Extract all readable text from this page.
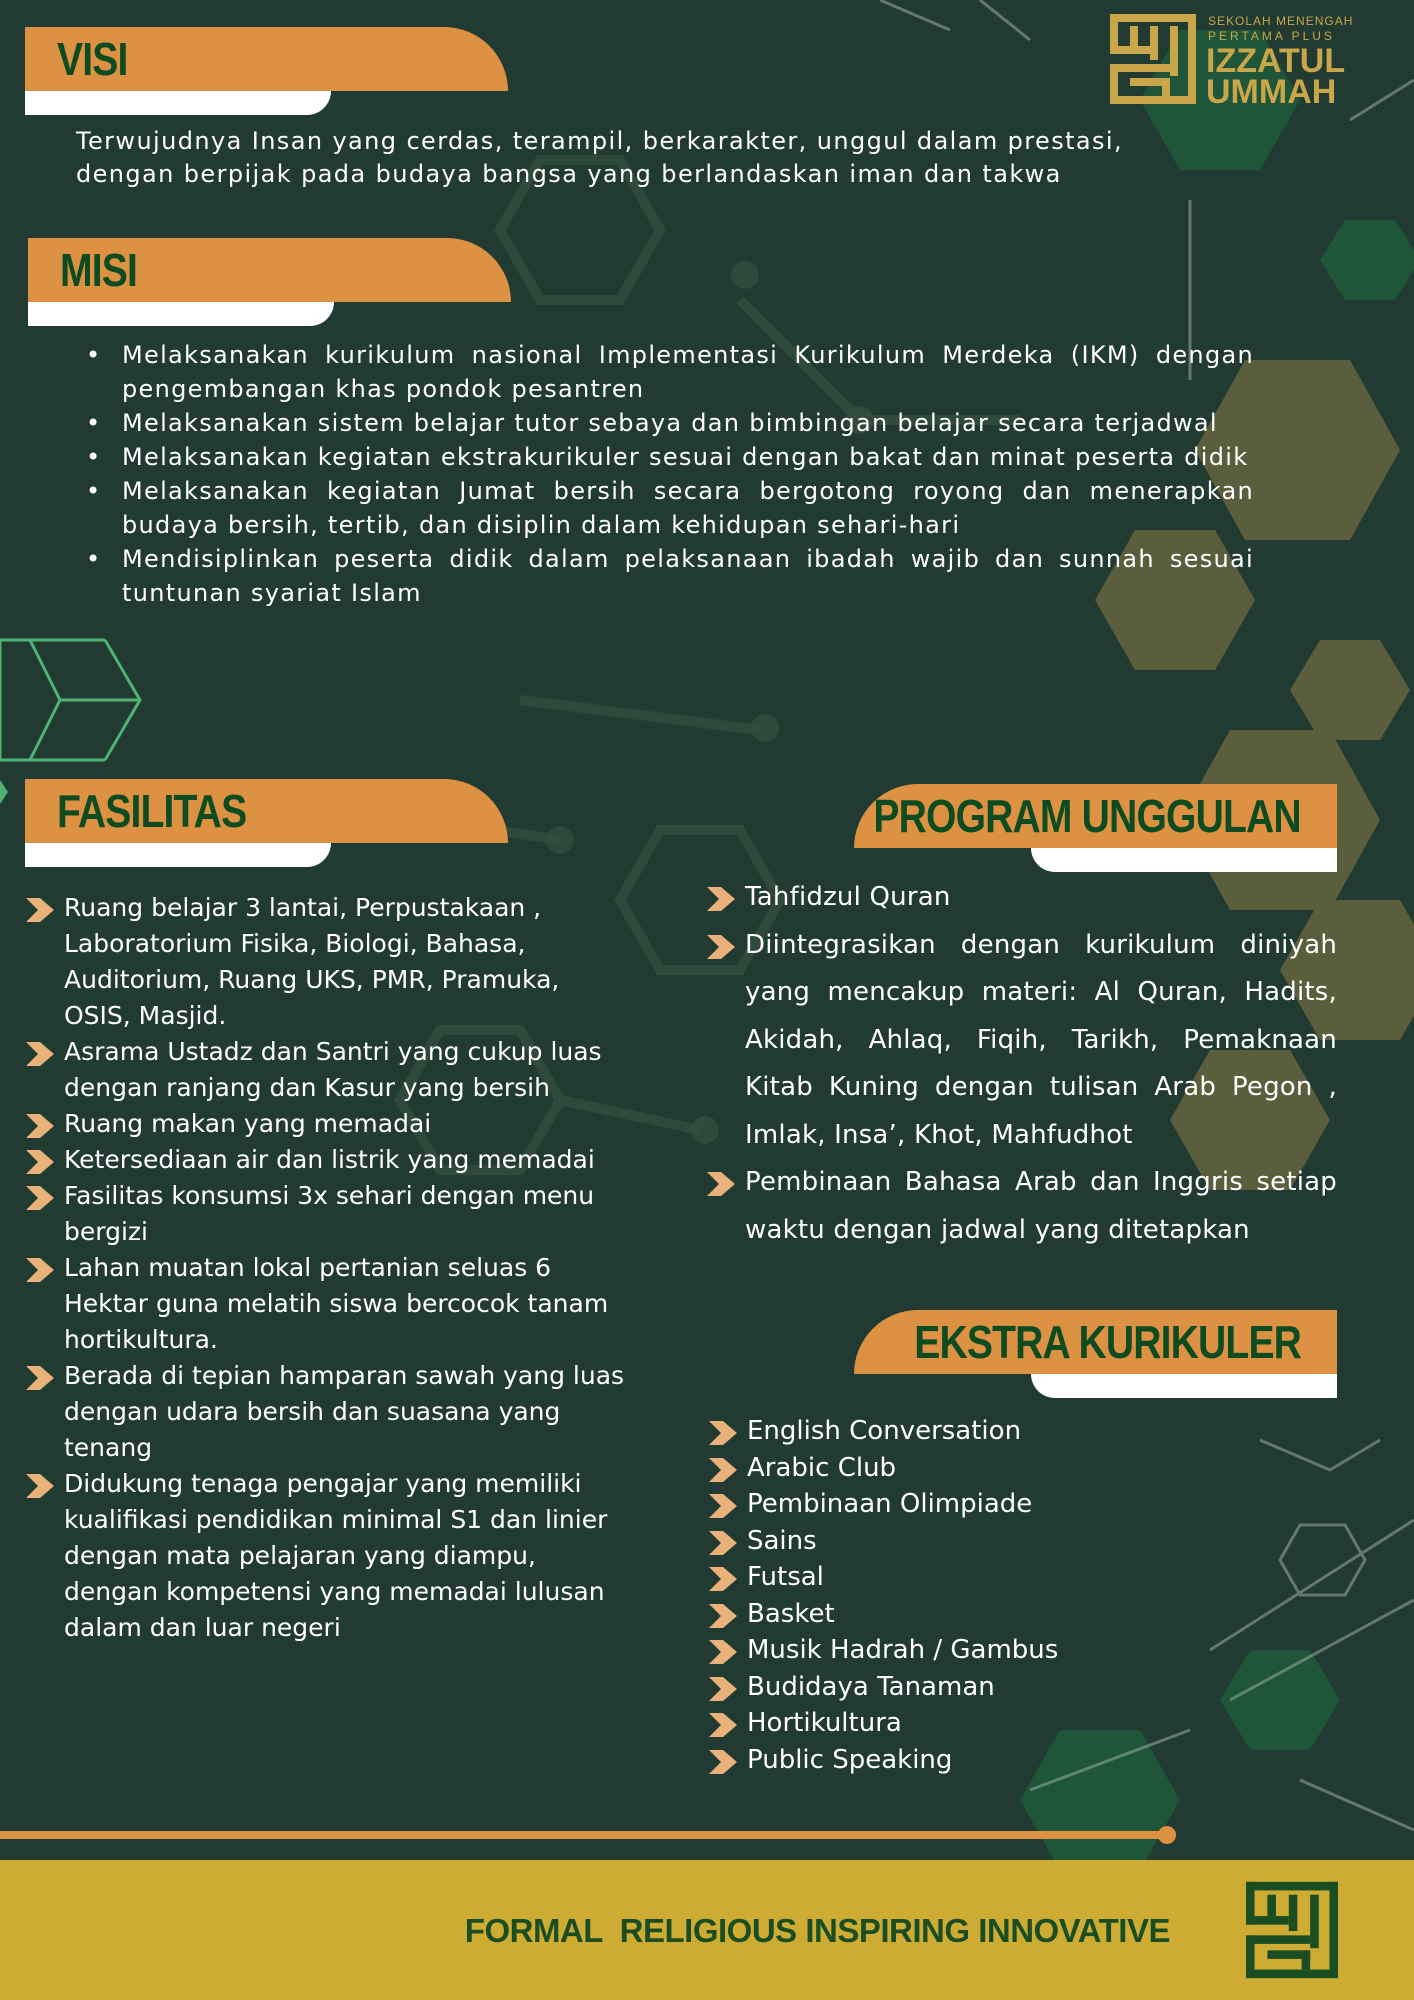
SEKOLAH MENENGAH
PERTAMA PLUS
IZZATUL
UMMAH
VISI
Terwujudnya Insan yang cerdas, terampil, berkarakter, unggul dalam prestasi,
dengan berpijak pada budaya bangsa yang berlandaskan iman dan takwa
MISI
• Melaksanakan kurikulum nasional Implementasi Kurikulum Merdeka (IKM) dengan pengembangan khas pondok pesantren
• Melaksanakan sistem belajar tutor sebaya dan bimbingan belajar secara terjadwal
• Melaksanakan kegiatan ekstrakurikuler sesuai dengan bakat dan minat peserta didik
• Melaksanakan kegiatan Jumat bersih secara bergotong royong dan menerapkan budaya bersih, tertib, dan disiplin dalam kehidupan sehari-hari
• Mendisiplinkan peserta didik dalam pelaksanaan ibadah wajib dan sunnah sesuai tuntunan syariat Islam
FASILITAS
Ruang belajar 3 lantai, Perpustakaan , Laboratorium Fisika, Biologi, Bahasa, Auditorium, Ruang UKS, PMR, Pramuka, OSIS, Masjid.
Asrama Ustadz dan Santri yang cukup luas dengan ranjang dan Kasur yang bersih
Ruang makan yang memadai
Ketersediaan air dan listrik yang memadai
Fasilitas konsumsi 3x sehari dengan menu bergizi
Lahan muatan lokal pertanian seluas 6 Hektar guna melatih siswa bercocok tanam hortikultura.
Berada di tepian hamparan sawah yang luas dengan udara bersih dan suasana yang tenang
Didukung tenaga pengajar yang memiliki kualifikasi pendidikan minimal S1 dan linier dengan mata pelajaran yang diampu, dengan kompetensi yang memadai lulusan dalam dan luar negeri
PROGRAM UNGGULAN
Tahfidzul Quran
Diintegrasikan dengan kurikulum diniyah yang mencakup materi: Al Quran, Hadits, Akidah, Ahlaq, Fiqih, Tarikh, Pemaknaan Kitab Kuning dengan tulisan Arab Pegon , Imlak, Insa’, Khot, Mahfudhot
Pembinaan Bahasa Arab dan Inggris setiap waktu dengan jadwal yang ditetapkan
EKSTRA KURIKULER
English Conversation
Arabic Club
Pembinaan Olimpiade
Sains
Futsal
Basket
Musik Hadrah / Gambus
Budidaya Tanaman
Hortikultura
Public Speaking
FORMAL  RELIGIOUS INSPIRING INNOVATIVE
